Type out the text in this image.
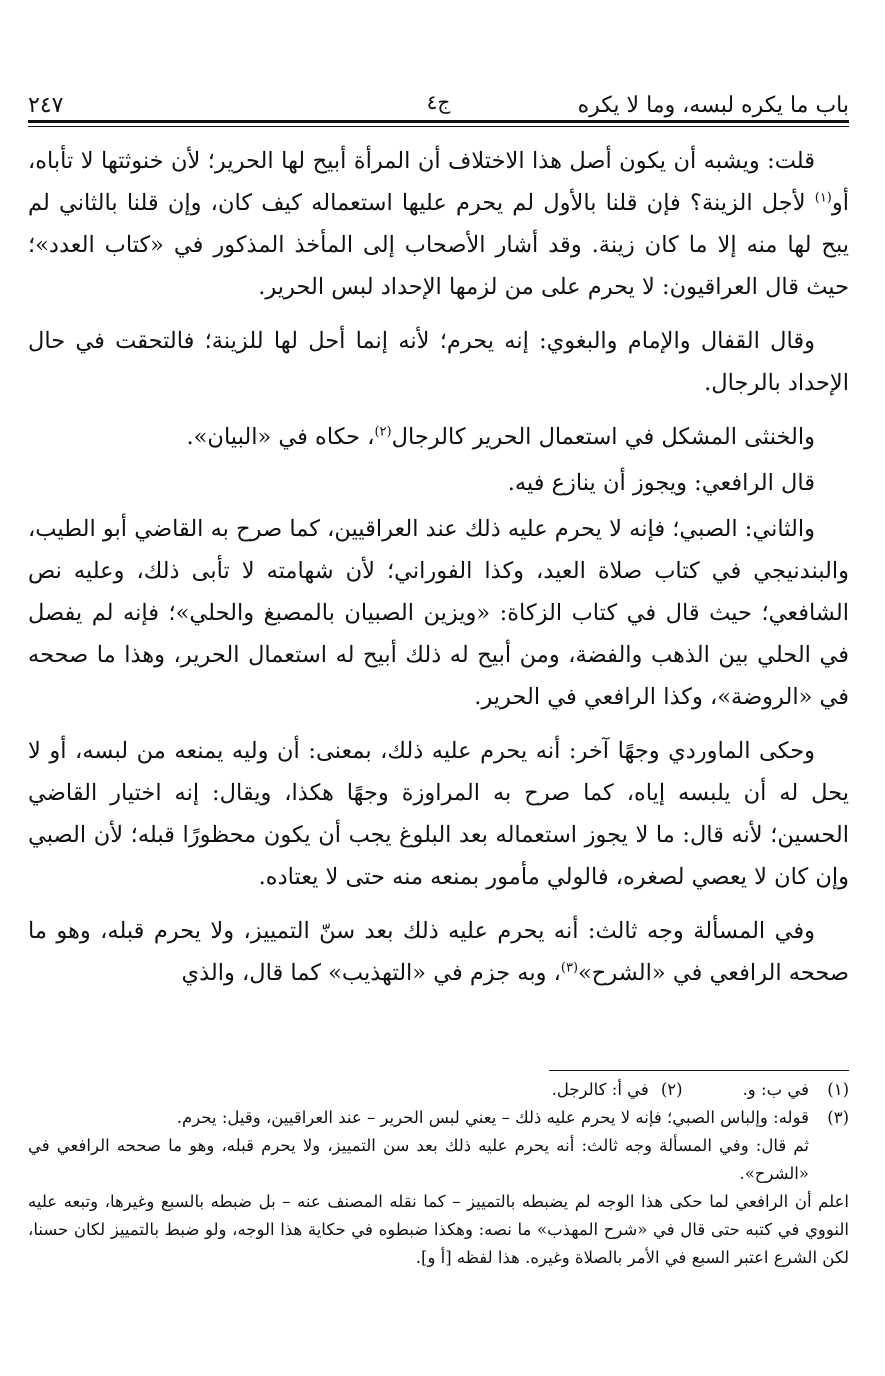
باب ما يكره لبسه، وما لا يكره
ج٤
٢٤٧

قلت: ويشبه أن يكون أصل هذا الاختلاف أن المرأة أبيح لها الحرير؛ لأن خنوثتها لا تأباه، أو$^{(١)}$ لأجل الزينة؟ فإن قلنا بالأول لم يحرم عليها استعماله كيف كان، وإن قلنا بالثاني لم يبح لها منه إلا ما كان زينة. وقد أشار الأصحاب إلى المأخذ المذكور في «كتاب العدد»؛ حيث قال العراقيون: لا يحرم على من لزمها الإحداد لبس الحرير.

وقال القفال والإمام والبغوي: إنه يحرم؛ لأنه إنما أحل لها للزينة؛ فالتحقت في حال الإحداد بالرجال.

والخنثى المشكل في استعمال الحرير كالرجال$^{(٢)}$، حكاه في «البيان».

قال الرافعي: ويجوز أن ينازع فيه.

والثاني: الصبي؛ فإنه لا يحرم عليه ذلك عند العراقيين، كما صرح به القاضي أبو الطيب، والبندنيجي في كتاب صلاة العيد، وكذا الفوراني؛ لأن شهامته لا تأبى ذلك، وعليه نص الشافعي؛ حيث قال في كتاب الزكاة: «ويزين الصبيان بالمصبغ والحلي»؛ فإنه لم يفصل في الحلي بين الذهب والفضة، ومن أبيح له ذلك أبيح له استعمال الحرير، وهذا ما صححه في «الروضة»، وكذا الرافعي في الحرير.

وحكى الماوردي وجهًا آخر: أنه يحرم عليه ذلك، بمعنى: أن وليه يمنعه من لبسه، أو لا يحل له أن يلبسه إياه، كما صرح به المراوزة وجهًا هكذا، ويقال: إنه اختيار القاضي الحسين؛ لأنه قال: ما لا يجوز استعماله بعد البلوغ يجب أن يكون محظورًا قبله؛ لأن الصبي وإن كان لا يعصي لصغره، فالولي مأمور بمنعه منه حتى لا يعتاده.

وفي المسألة وجه ثالث: أنه يحرم عليه ذلك بعد سنّ التمييز، ولا يحرم قبله، وهو ما صححه الرافعي في «الشرح»$^{(٣)}$، وبه جزم في «التهذيب» كما قال، والذي

(١)
في ب: و.
(٢)
في أ: كالرجل.
(٣)
قوله: وإلباس الصبي؛ فإنه لا يحرم عليه ذلك – يعني لبس الحرير – عند العراقيين، وقيل: يحرم.
ثم قال: وفي المسألة وجه ثالث: أنه يحرم عليه ذلك بعد سن التمييز، ولا يحرم قبله، وهو ما صححه الرافعي في «الشرح».
اعلم أن الرافعي لما حكى هذا الوجه لم يضبطه بالتمييز – كما نقله المصنف عنه – بل ضبطه بالسبع وغيرها، وتبعه عليه النووي في كتبه حتى قال في «شرح المهذب» ما نصه: وهكذا ضبطوه في حكاية هذا الوجه، ولو ضبط بالتمييز لكان حسنا، لكن الشرع اعتبر السبع في الأمر بالصلاة وغيره. هذا لفظه [أ و].
